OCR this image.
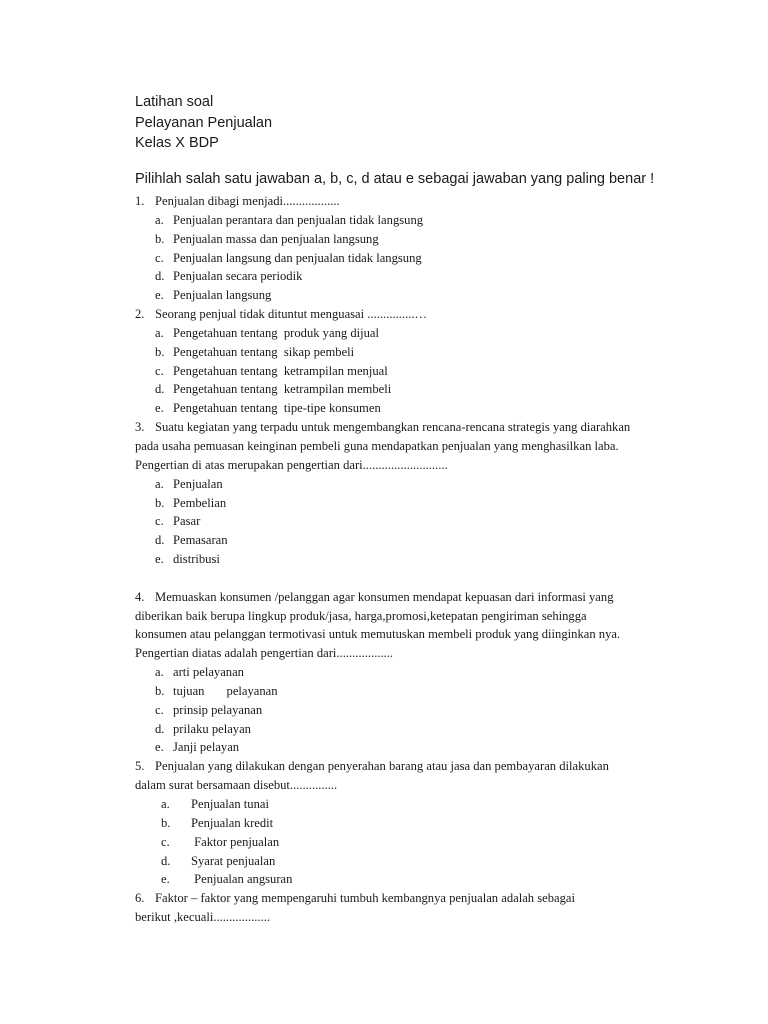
Latihan soal
Pelayanan Penjualan
Kelas X BDP
Pilihlah salah satu jawaban a, b, c, d atau e sebagai jawaban yang paling benar !
1. Penjualan dibagi menjadi..................
a. Penjualan perantara dan penjualan tidak langsung
b. Penjualan massa dan penjualan langsung
c. Penjualan langsung dan penjualan tidak langsung
d. Penjualan secara periodik
e. Penjualan langsung
2. Seorang penjual tidak dituntut menguasai ...............…
a. Pengetahuan tentang  produk yang dijual
b. Pengetahuan tentang  sikap pembeli
c. Pengetahuan tentang  ketrampilan menjual
d. Pengetahuan tentang  ketrampilan membeli
e. Pengetahuan tentang  tipe-tipe konsumen
3. Suatu kegiatan yang terpadu untuk mengembangkan rencana-rencana strategis yang diarahkan
pada usaha pemuasan keinginan pembeli guna mendapatkan penjualan yang menghasilkan laba.
Pengertian di atas merupakan pengertian dari...........................
a. Penjualan
b. Pembelian
c. Pasar
d. Pemasaran
e. distribusi
4. Memuaskan konsumen /pelanggan agar konsumen mendapat kepuasan dari informasi yang
diberikan baik berupa lingkup produk/jasa, harga,promosi,ketepatan pengiriman sehingga
konsumen atau pelanggan termotivasi untuk memutuskan membeli produk yang diinginkan nya.
Pengertian diatas adalah pengertian dari..................
a. arti pelayanan
b. tujuan       pelayanan
c. prinsip pelayanan
d. prilaku pelayan
e. Janji pelayan
5. Penjualan yang dilakukan dengan penyerahan barang atau jasa dan pembayaran dilakukan
dalam surat bersamaan disebut...............
a. Penjualan tunai
b. Penjualan kredit
c. Faktor penjualan
d. Syarat penjualan
e. Penjualan angsuran
6. Faktor – faktor yang mempengaruhi tumbuh kembangnya penjualan adalah sebagai
berikut ,kecuali..................
